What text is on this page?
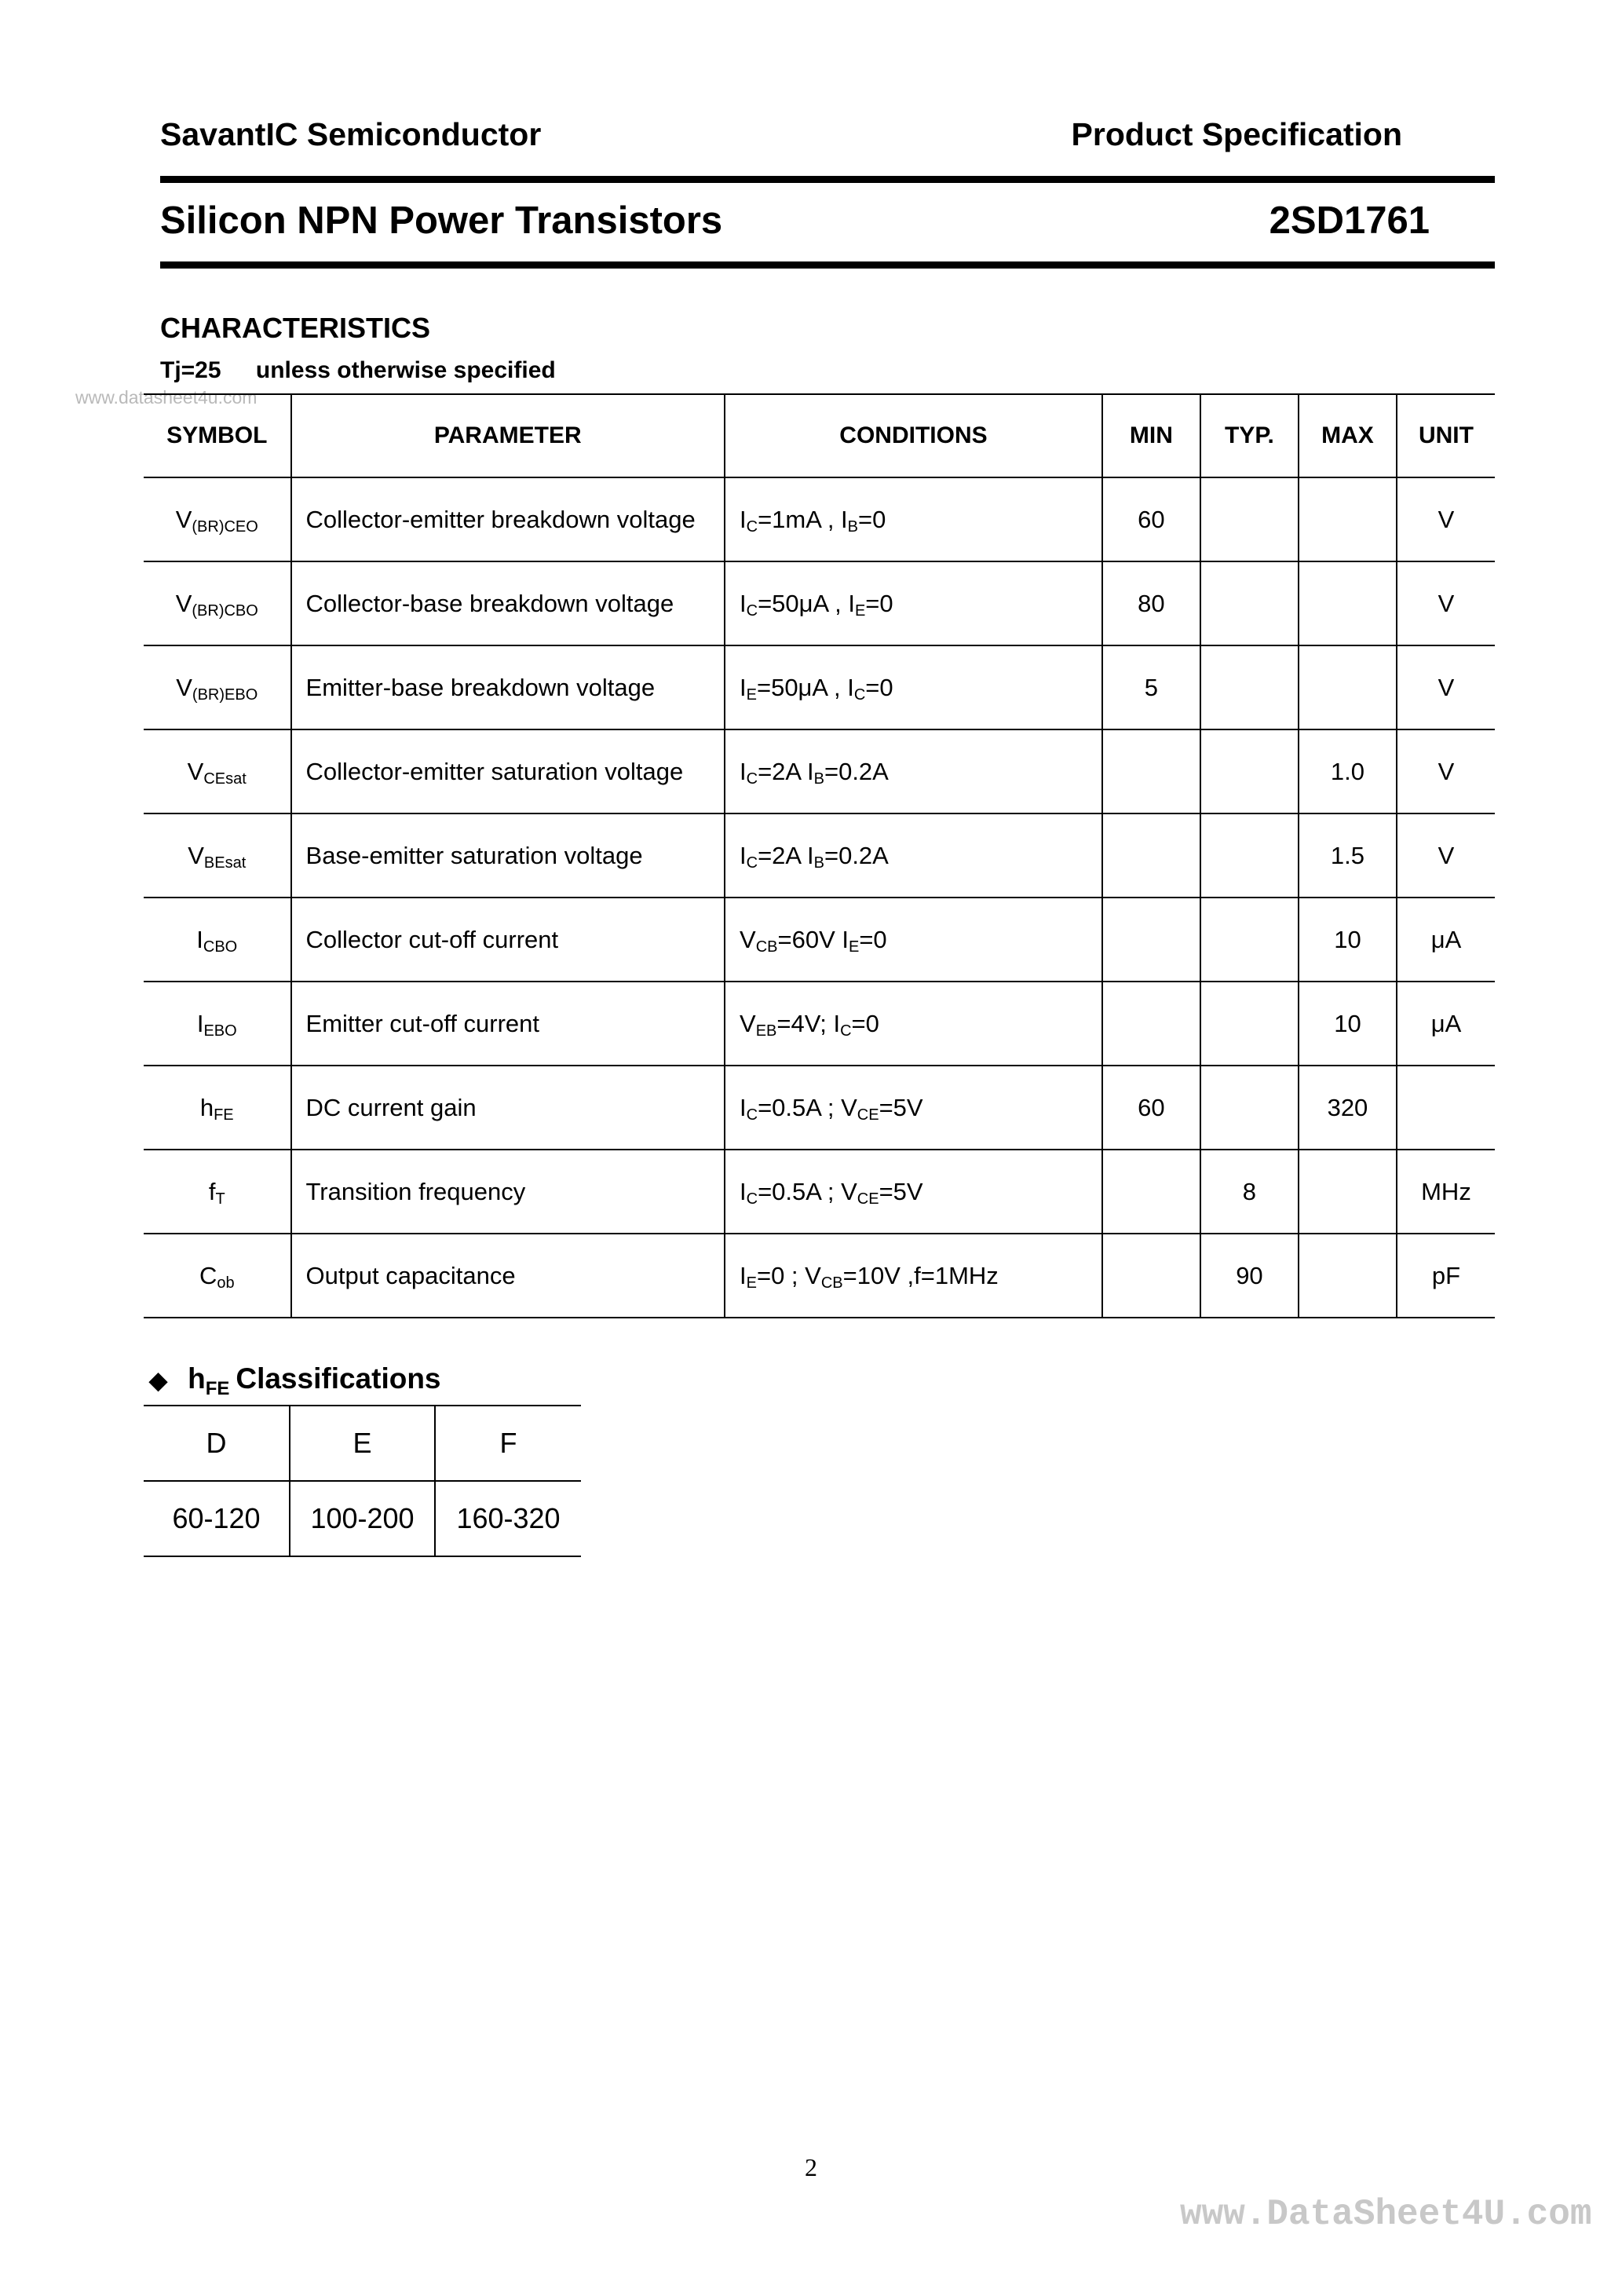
SavantIC Semiconductor	Product Specification
Silicon NPN Power Transistors	2SD1761
CHARACTERISTICS
Tj=25 unless otherwise specified
www.datasheet4u.com
SYMBOL	PARAMETER	CONDITIONS	MIN	TYP.	MAX	UNIT
$V_{(BR)CEO}$	Collector-emitter breakdown voltage	$I_C=1mA$ , $I_B=0$	60			V
$V_{(BR)CBO}$	Collector-base breakdown voltage	$I_C=50\mu A$ , $I_E=0$	80			V
$V_{(BR)EBO}$	Emitter-base breakdown voltage	$I_E=50\mu A$ , $I_C=0$	5			V
$V_{CEsat}$	Collector-emitter saturation voltage	$I_C=2A$ $I_B=0.2A$			1.0	V
$V_{BEsat}$	Base-emitter saturation voltage	$I_C=2A$ $I_B=0.2A$			1.5	V
$I_{CBO}$	Collector cut-off current	$V_{CB}=60V$ $I_E=0$			10	μA
$I_{EBO}$	Emitter cut-off current	$V_{EB}=4V$; $I_C=0$			10	μA
$h_{FE}$	DC current gain	$I_C=0.5A$ ; $V_{CE}=5V$	60		320	
$f_T$	Transition frequency	$I_C=0.5A$ ; $V_{CE}=5V$		8		MHz
$C_{ob}$	Output capacitance	$I_E=0$ ; $V_{CB}=10V$ ,f=1MHz		90		pF
◆ $h_{FE}$ Classifications
D	E	F
60-120	100-200	160-320
2
www.DataSheet4U.com
